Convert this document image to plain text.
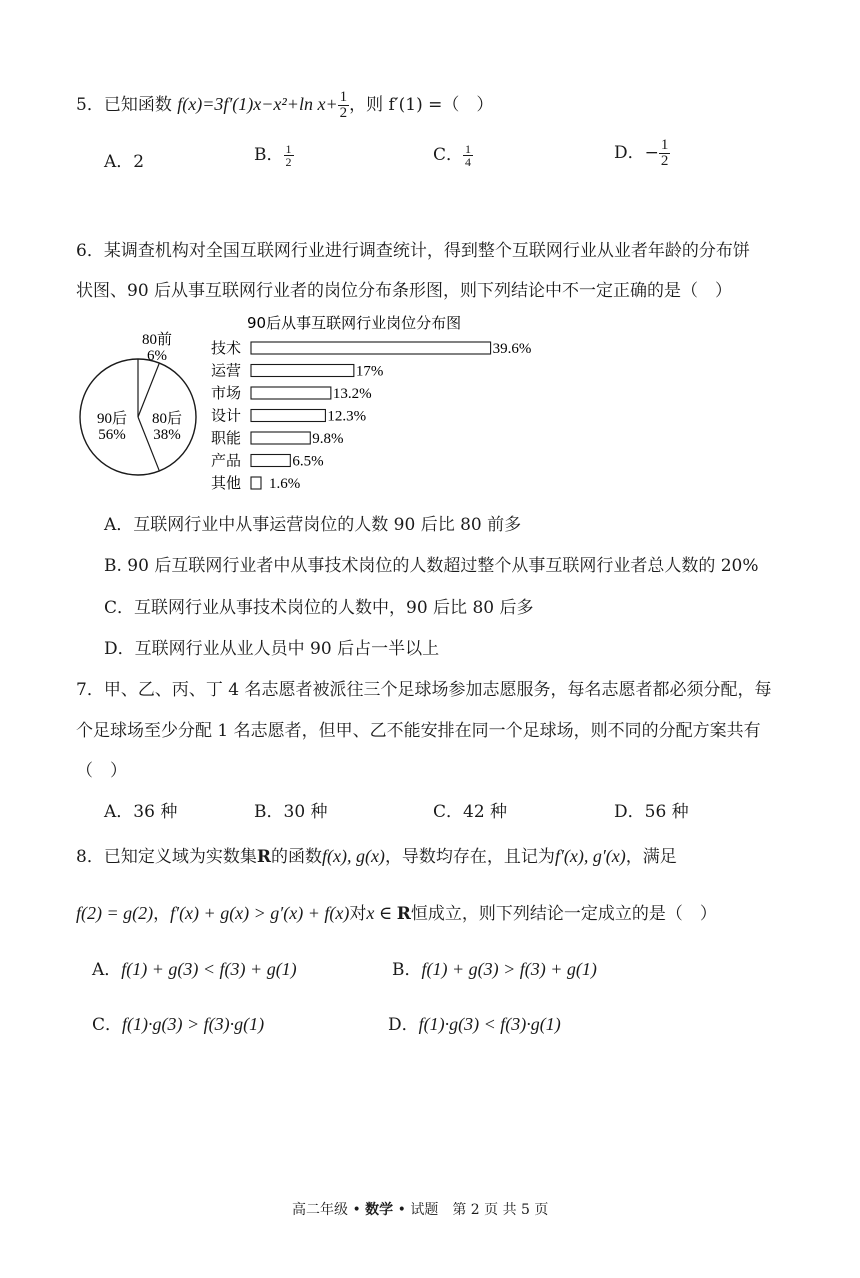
5．已知函数 f(x)=3f′(1)x−x²+ln $x+ \frac{1}{2}$ ，则 f′(1) =（　）
A．2	B． $\frac{1}{2}$	C． $\frac{1}{4}$	D．− $\frac{1}{2}$
6．某调查机构对全国互联网行业进行调查统计，得到整个互联网行业从业者年龄的分布饼
状图、90 后从事互联网行业者的岗位分布条形图，则下列结论中不一定正确的是（　）
80前
6%
80后
38%
90后
56%
90后从事互联网行业岗位分布图
技术	39.6%
运营	17%
市场	13.2%
设计	12.3%
职能	9.8%
产品	6.5%
其他 1.6%
A．互联网行业中从事运营岗位的人数 90 后比 80 前多
B. 90 后互联网行业者中从事技术岗位的人数超过整个从事互联网行业者总人数的 20%
C．互联网行业从事技术岗位的人数中，90 后比 80 后多
D．互联网行业从业人员中 90 后占一半以上
7．甲、乙、丙、丁 4 名志愿者被派往三个足球场参加志愿服务，每名志愿者都必须分配，每
个足球场至少分配 1 名志愿者，但甲、乙不能安排在同一个足球场，则不同的分配方案共有
（　）
A．36 种	B．30 种	C．42 种	D．56 种
8．已知定义域为实数集R的函数f(x), g(x)，导数均存在，且记为f′(x), g′(x)，满足
f(2) = g(2)，f′(x) + g(x) > g′(x) + f(x)对x ∈ R恒成立，则下列结论一定成立的是（　）
A．f(1) + g(3) < f(3) + g(1)	B．f(1) + g(3) > f(3) + g(1)
C．f(1)·g(3) > f(3)·g(1)	D．f(1)·g(3) < f(3)·g(1)
高二年级 • 数学 • 试题　第 2 页 共 5 页
